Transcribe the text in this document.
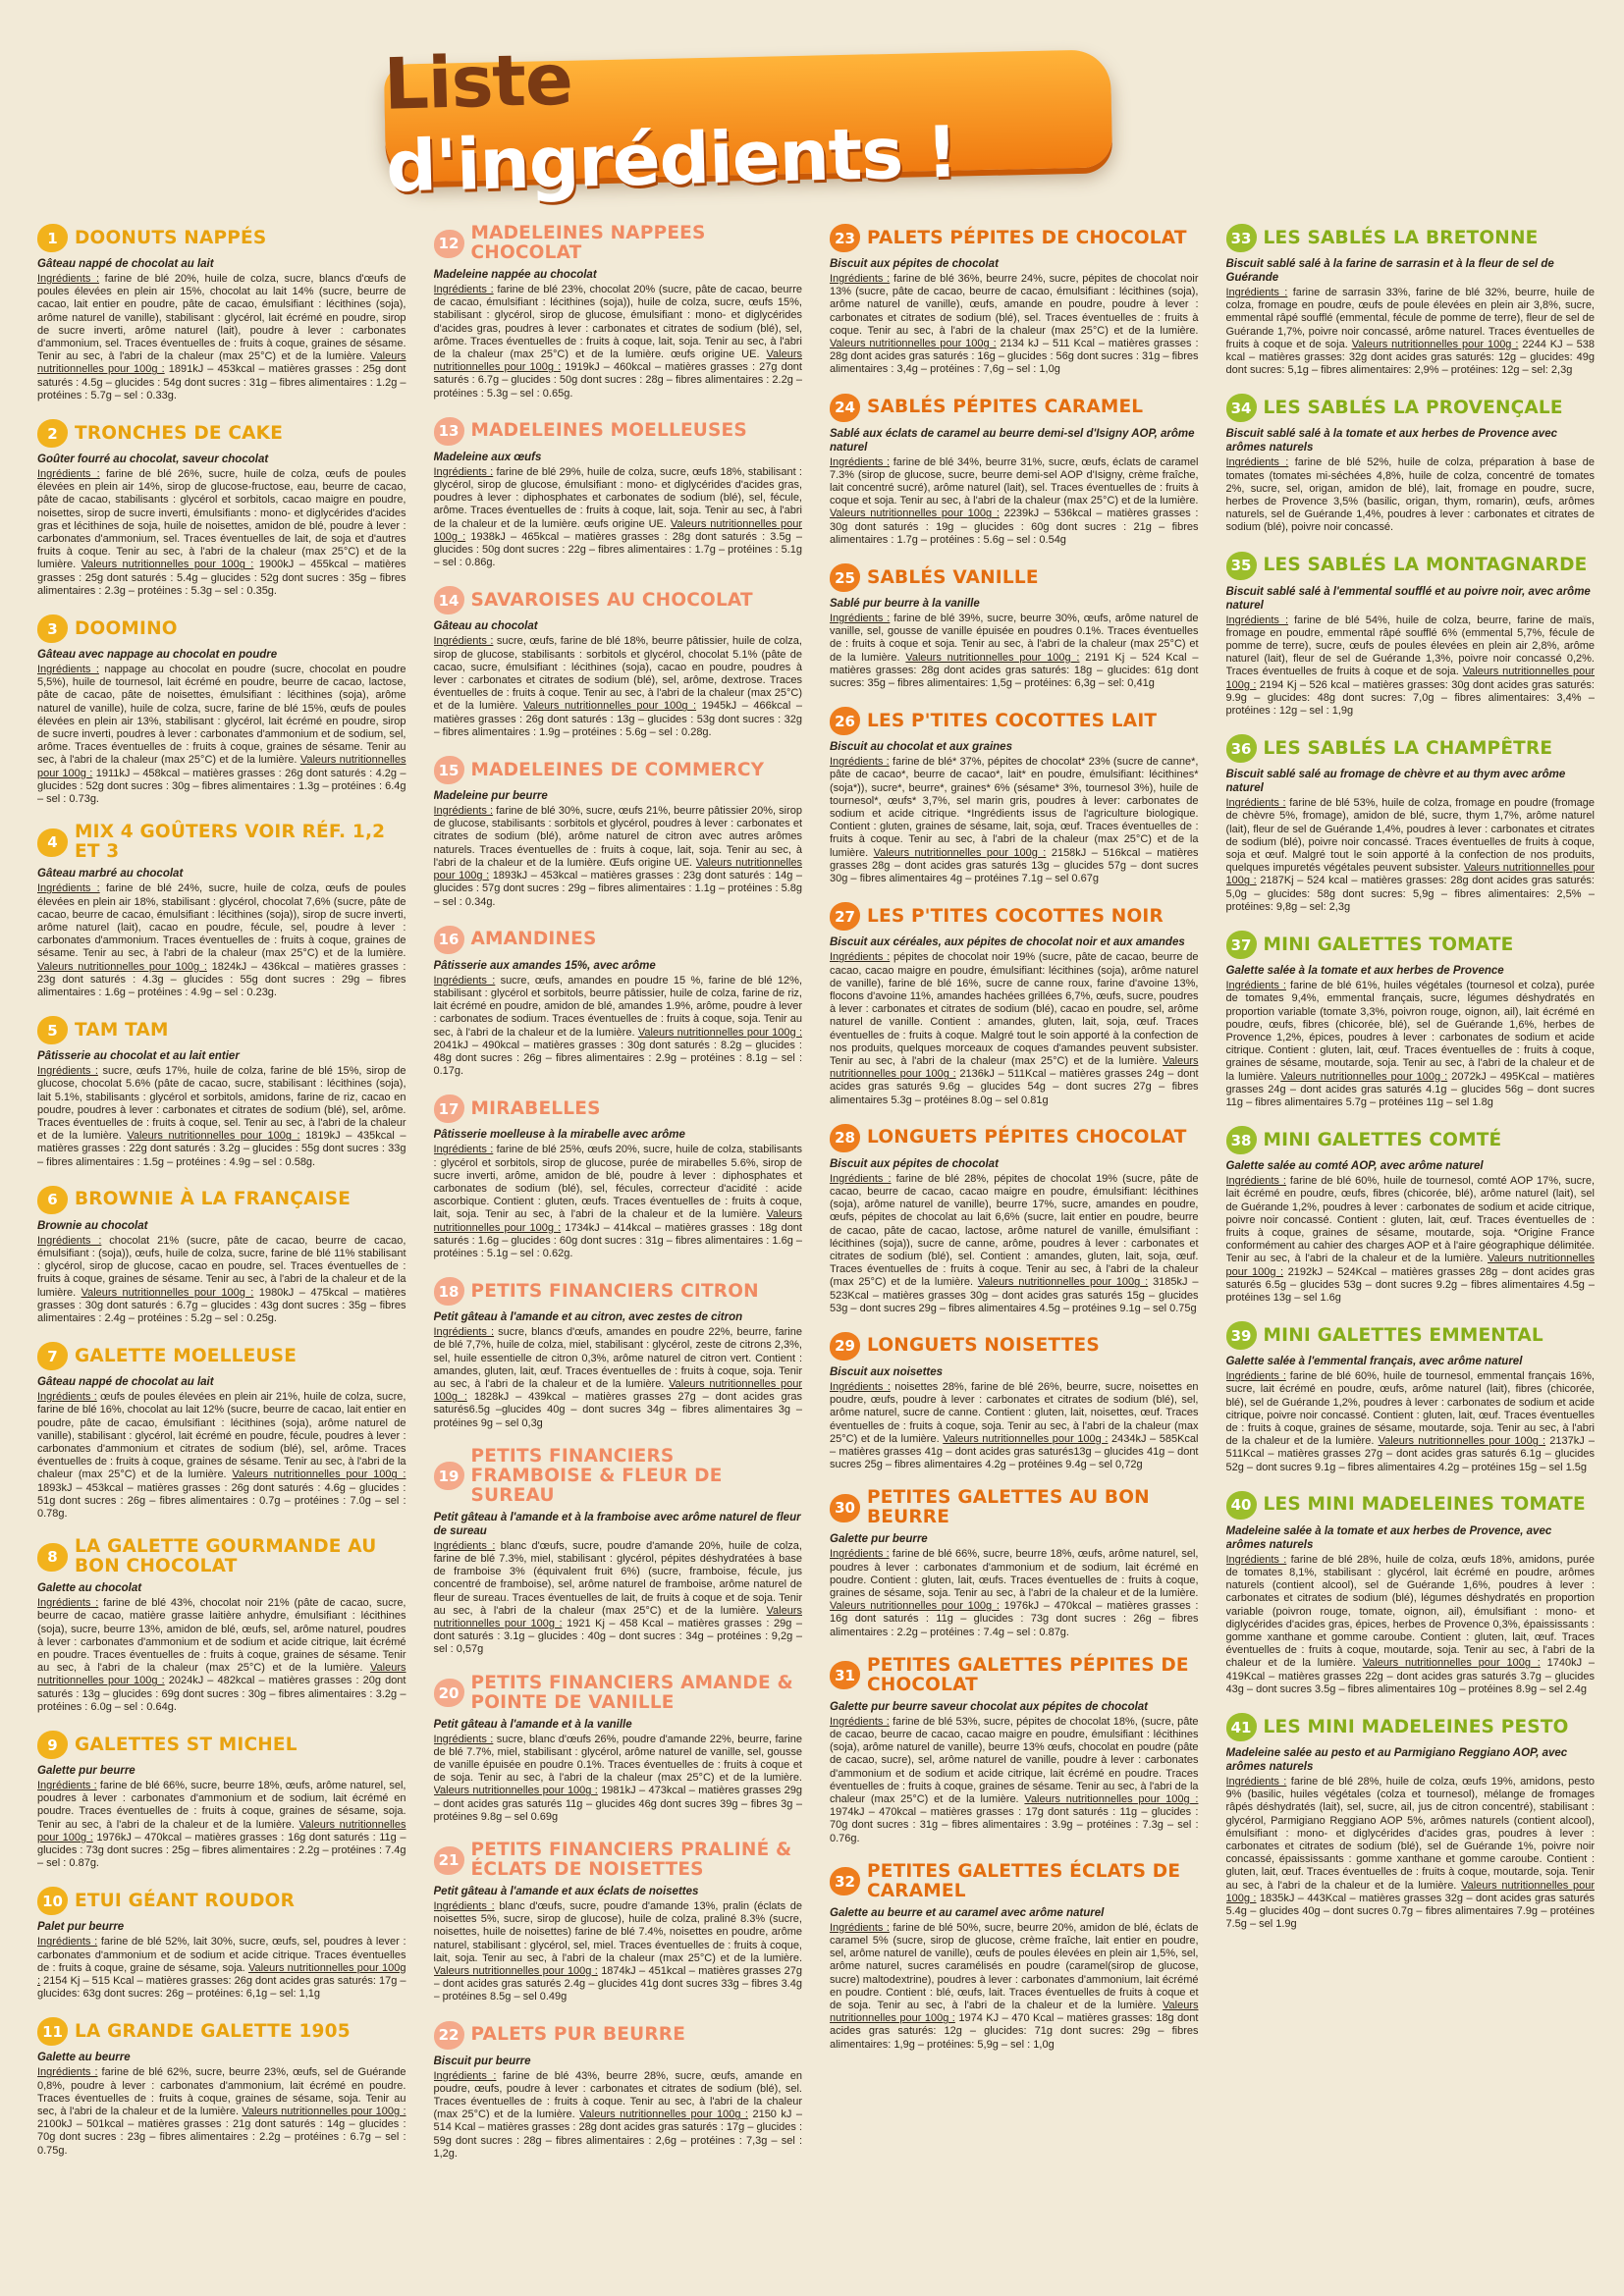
Liste d'ingrédients !
1 DOONUTS NAPPÉS
Gâteau nappé de chocolat au lait
Ingrédients : farine de blé 20%, huile de colza, sucre, blancs d'œufs de poules élevées en plein air 15%, chocolat au lait 14% (sucre, beurre de cacao, lait entier en poudre, pâte de cacao, émulsifiant : lécithines (soja), arôme naturel de vanille), stabilisant : glycérol, lait écrémé en poudre, sirop de sucre inverti, arôme naturel (lait), poudre à lever : carbonates d'ammonium, sel. Traces éventuelles de : fruits à coque, graines de sésame. Tenir au sec, à l'abri de la chaleur (max 25°C) et de la lumière. Valeurs nutritionnelles pour 100g : 1891kJ – 453kcal – matières grasses : 25g dont saturés : 4.5g – glucides : 54g dont sucres : 31g – fibres alimentaires : 1.2g – protéines : 5.7g – sel : 0.33g.
2 TRONCHES DE CAKE
Goûter fourré au chocolat, saveur chocolat
Ingrédients : farine de blé 26%, sucre, huile de colza, œufs de poules élevées en plein air 14%, sirop de glucose-fructose, eau, beurre de cacao, pâte de cacao, stabilisants : glycérol et sorbitols, cacao maigre en poudre, noisettes, sirop de sucre inverti, émulsifiants : mono- et diglycérides d'acides gras et lécithines de soja, huile de noisettes, amidon de blé, poudre à lever : carbonates d'ammonium, sel. Traces éventuelles de lait, de soja et d'autres fruits à coque. Tenir au sec, à l'abri de la chaleur (max 25°C) et de la lumière. Valeurs nutritionnelles pour 100g : 1900kJ – 455kcal – matières grasses : 25g dont saturés : 5.4g – glucides : 52g dont sucres : 35g – fibres alimentaires : 2.3g – protéines : 5.3g – sel : 0.35g.
3 DOOMINO
Gâteau avec nappage au chocolat en poudre
Ingrédients : nappage au chocolat en poudre (sucre, chocolat en poudre 5,5%), huile de tournesol, lait écrémé en poudre, beurre de cacao, lactose, pâte de cacao, pâte de noisettes, émulsifiant : lécithines (soja), arôme naturel de vanille), huile de colza, sucre, farine de blé 15%, œufs de poules élevées en plein air 13%, stabilisant : glycérol, lait écrémé en poudre, sirop de sucre inverti, poudres à lever : carbonates d'ammonium et de sodium, sel, arôme. Traces éventuelles de : fruits à coque, graines de sésame. Tenir au sec, à l'abri de la chaleur (max 25°C) et de la lumière. Valeurs nutritionnelles pour 100g : 1911kJ – 458kcal – matières grasses : 26g dont saturés : 4.2g – glucides : 52g dont sucres : 30g – fibres alimentaires : 1.3g – protéines : 6.4g – sel : 0.73g.
4 MIX 4 GOÛTERS VOIR RÉF. 1,2 ET 3
Gâteau marbré au chocolat
Ingrédients : farine de blé 24%, sucre, huile de colza, œufs de poules élevées en plein air 18%, stabilisant : glycérol, chocolat 7,6% (sucre, pâte de cacao, beurre de cacao, émulsifiant : lécithines (soja)), sirop de sucre inverti, arôme naturel (lait), cacao en poudre, fécule, sel, poudre à lever : carbonates d'ammonium. Traces éventuelles de : fruits à coque, graines de sésame. Tenir au sec, à l'abri de la chaleur (max 25°C) et de la lumière. Valeurs nutritionnelles pour 100g : 1824kJ – 436kcal – matières grasses : 23g dont saturés : 4.3g – glucides : 55g dont sucres : 29g – fibres alimentaires : 1.6g – protéines : 4.9g – sel : 0.23g.
5 TAM TAM
Pâtisserie au chocolat et au lait entier
Ingrédients : sucre, œufs 17%, huile de colza, farine de blé 15%, sirop de glucose, chocolat 5.6% (pâte de cacao, sucre, stabilisant : lécithines (soja), lait 5.1%, stabilisants : glycérol et sorbitols, amidons, farine de riz, cacao en poudre, poudres à lever : carbonates et citrates de sodium (blé), sel, arôme. Traces éventuelles de : fruits à coque, sel. Tenir au sec, à l'abri de la chaleur et de la lumière. Valeurs nutritionnelles pour 100g : 1819kJ – 435kcal – matières grasses : 22g dont saturés : 3.2g – glucides : 55g dont sucres : 33g – fibres alimentaires : 1.5g – protéines : 4.9g – sel : 0.58g.
6 BROWNIE À LA FRANÇAISE
Brownie au chocolat
Ingrédients : chocolat 21% (sucre, pâte de cacao, beurre de cacao, émulsifiant : (soja)), œufs, huile de colza, sucre, farine de blé 11% stabilisant : glycérol, sirop de glucose, cacao en poudre, sel. Traces éventuelles de : fruits à coque, graines de sésame. Tenir au sec, à l'abri de la chaleur et de la lumière. Valeurs nutritionnelles pour 100g : 1980kJ – 475kcal – matières grasses : 30g dont saturés : 6.7g – glucides : 43g dont sucres : 35g – fibres alimentaires : 2.4g – protéines : 5.2g – sel : 0.25g.
7 GALETTE MOELLEUSE
Gâteau nappé de chocolat au lait
Ingrédients : œufs de poules élevées en plein air 21%, huile de colza, sucre, farine de blé 16%, chocolat au lait 12% (sucre, beurre de cacao, lait entier en poudre, pâte de cacao, émulsifiant : lécithines (soja), arôme naturel de vanille), stabilisant : glycérol, lait écrémé en poudre, fécule, poudres à lever : carbonates d'ammonium et citrates de sodium (blé), sel, arôme. Traces éventuelles de : fruits à coque, graines de sésame. Tenir au sec, à l'abri de la chaleur (max 25°C) et de la lumière. Valeurs nutritionnelles pour 100g : 1893kJ – 453kcal – matières grasses : 26g dont saturés : 4.6g – glucides : 51g dont sucres : 26g – fibres alimentaires : 0.7g – protéines : 7.0g – sel : 0.78g.
8 LA GALETTE GOURMANDE AU BON CHOCOLAT
Galette au chocolat
Ingrédients : farine de blé 43%, chocolat noir 21% (pâte de cacao, sucre, beurre de cacao, matière grasse laitière anhydre, émulsifiant : lécithines (soja), sucre, beurre 13%, amidon de blé, œufs, sel, arôme naturel, poudres à lever : carbonates d'ammonium et de sodium et acide citrique, lait écrémé en poudre. Traces éventuelles de : fruits à coque, graines de sésame. Tenir au sec, à l'abri de la chaleur (max 25°C) et de la lumière. Valeurs nutritionnelles pour 100g : 2024kJ – 482kcal – matières grasses : 20g dont saturés : 13g – glucides : 69g dont sucres : 30g – fibres alimentaires : 3.2g – protéines : 6.0g – sel : 0.64g.
9 GALETTES ST MICHEL
Galette pur beurre
Ingrédients : farine de blé 66%, sucre, beurre 18%, œufs, arôme naturel, sel, poudres à lever : carbonates d'ammonium et de sodium, lait écrémé en poudre. Traces éventuelles de : fruits à coque, graines de sésame, soja. Tenir au sec, à l'abri de la chaleur et de la lumière. Valeurs nutritionnelles pour 100g : 1976kJ – 470kcal – matières grasses : 16g dont saturés : 11g – glucides : 73g dont sucres : 25g – fibres alimentaires : 2.2g – protéines : 7.4g – sel : 0.87g.
10 ETUI GÉANT ROUDOR
Palet pur beurre
Ingrédients : farine de blé 52%, lait 30%, sucre, œufs, sel, poudres à lever : carbonates d'ammonium et de sodium et acide citrique. Traces éventuelles de : fruits à coque, graine de sésame, soja. Valeurs nutritionnelles pour 100g : 2154 Kj – 515 Kcal – matières grasses: 26g dont acides gras saturés: 17g – glucides: 63g dont sucres: 26g – protéines: 6,1g – sel: 1,1g
11 LA GRANDE GALETTE 1905
Galette au beurre
Ingrédients : farine de blé 62%, sucre, beurre 23%, œufs, sel de Guérande 0,8%, poudre à lever : carbonates d'ammonium, lait écrémé en poudre. Traces éventuelles de : fruits à coque, graines de sésame, soja. Tenir au sec, à l'abri de la chaleur et de la lumière. Valeurs nutritionnelles pour 100g : 2100kJ – 501kcal – matières grasses : 21g dont saturés : 14g – glucides : 70g dont sucres : 23g – fibres alimentaires : 2.2g – protéines : 6.7g – sel : 0.75g.
12 MADELEINES NAPPÉES CHOCOLAT
Madeleine nappée au chocolat
Ingrédients : farine de blé 23%, chocolat 20% (sucre, pâte de cacao, beurre de cacao, émulsifiant : lécithines (soja)), huile de colza, sucre, œufs 15%, stabilisant : glycérol, sirop de glucose, émulsifiant : mono- et diglycérides d'acides gras, poudres à lever : carbonates et citrates de sodium (blé), sel, arôme. Traces éventuelles de : fruits à coque, lait, soja. Tenir au sec, à l'abri de la chaleur (max 25°C) et de la lumière. œufs origine UE. Valeurs nutritionnelles pour 100g : 1919kJ – 460kcal – matières grasses : 27g dont saturés : 6.7g – glucides : 50g dont sucres : 28g – fibres alimentaires : 2.2g – protéines : 5.3g – sel : 0.65g.
13 MADELEINES MOELLEUSES
Madeleine aux œufs
Ingrédients : farine de blé 29%, huile de colza, sucre, œufs 18%, stabilisant : glycérol, sirop de glucose, émulsifiant : mono- et diglycérides d'acides gras, poudres à lever : diphosphates et carbonates de sodium (blé), sel, fécule, arôme. Traces éventuelles de : fruits à coque, lait, soja. Tenir au sec, à l'abri de la chaleur et de la lumière. œufs origine UE. Valeurs nutritionnelles pour 100g : 1938kJ – 465kcal – matières grasses : 28g dont saturés : 3.5g – glucides : 50g dont sucres : 22g – fibres alimentaires : 1.7g – protéines : 5.1g – sel : 0.86g.
14 SAVAROISES AU CHOCOLAT
Gâteau au chocolat
Ingrédients : sucre, œufs, farine de blé 18%, beurre pâtissier, huile de colza, sirop de glucose, stabilisants : sorbitols et glycérol, chocolat 5.1% (pâte de cacao, sucre, émulsifiant : lécithines (soja), cacao en poudre, poudres à lever : carbonates et citrates de sodium (blé), sel, arôme, dextrose. Traces éventuelles de : fruits à coque. Tenir au sec, à l'abri de la chaleur (max 25°C) et de la lumière. Valeurs nutritionnelles pour 100g : 1945kJ – 466kcal – matières grasses : 26g dont saturés : 13g – glucides : 53g dont sucres : 32g – fibres alimentaires : 1.9g – protéines : 5.6g – sel : 0.28g.
15 MADELEINES DE COMMERCY
Madeleine pur beurre
Ingrédients : farine de blé 30%, sucre, œufs 21%, beurre pâtissier 20%, sirop de glucose, stabilisants : sorbitols et glycérol, poudres à lever : carbonates et citrates de sodium (blé), arôme naturel de citron avec autres arômes naturels. Traces éventuelles de : fruits à coque, lait, soja. Tenir au sec, à l'abri de la chaleur et de la lumière. Œufs origine UE. Valeurs nutritionnelles pour 100g : 1893kJ – 453kcal – matières grasses : 23g dont saturés : 14g – glucides : 57g dont sucres : 29g – fibres alimentaires : 1.1g – protéines : 5.8g – sel : 0.34g.
16 AMANDINES
Pâtisserie aux amandes 15%, avec arôme
Ingrédients : sucre, œufs, amandes en poudre 15 %, farine de blé 12%, stabilisant : glycérol et sorbitols, beurre pâtissier, huile de colza, farine de riz, lait écrémé en poudre, amidon de blé, amandes 1.9%, arôme, poudre à lever : carbonates de sodium. Traces éventuelles de : fruits à coque, soja. Tenir au sec, à l'abri de la chaleur et de la lumière. Valeurs nutritionnelles pour 100g : 2041kJ – 490kcal – matières grasses : 30g dont saturés : 8.2g – glucides : 48g dont sucres : 26g – fibres alimentaires : 2.9g – protéines : 8.1g – sel : 0.17g.
17 MIRABELLES
Pâtisserie moelleuse à la mirabelle avec arôme
Ingrédients : farine de blé 25%, œufs 20%, sucre, huile de colza, stabilisants : glycérol et sorbitols, sirop de glucose, purée de mirabelles 5.6%, sirop de sucre inverti, arôme, amidon de blé, poudre à lever : diphosphates et carbonates de sodium (blé), sel, fécules, correcteur d'acidité : acide ascorbique. Contient : gluten, œufs. Traces éventuelles de : fruits à coque, lait, soja. Tenir au sec, à l'abri de la chaleur et de la lumière. Valeurs nutritionnelles pour 100g : 1734kJ – 414kcal – matières grasses : 18g dont saturés : 1.6g – glucides : 60g dont sucres : 31g – fibres alimentaires : 1.6g – protéines : 5.1g – sel : 0.62g.
18 PETITS FINANCIERS CITRON
Petit gâteau à l'amande et au citron, avec zestes de citron
Ingrédients : sucre, blancs d'œufs, amandes en poudre 22%, beurre, farine de blé 7,7%, huile de colza, miel, stabilisant : glycérol, zeste de citrons 2,3%, sel, huile essentielle de citron 0,3%, arôme naturel de citron vert. Contient : amandes, gluten, lait, œuf. Traces éventuelles de : fruits à coque, soja. Tenir au sec, à l'abri de la chaleur et de la lumière. Valeurs nutritionnelles pour 100g : 1828kJ – 439kcal – matières grasses 27g – dont acides gras saturés6.5g –glucides 40g – dont sucres 34g – fibres alimentaires 3g – protéines 9g – sel 0,3g
19
PETITS FINANCIERS FRAMBOISE & FLEUR DE SUREAU
Petit gâteau à l'amande et à la framboise avec arôme naturel de fleur de sureau
Ingrédients : blanc d'œufs, sucre, poudre d'amande 20%, huile de colza, farine de blé 7.3%, miel, stabilisant : glycérol, pépites déshydratées à base de framboise 3% (équivalent fruit 6%) (sucre, framboise, fécule, jus concentré de framboise), sel, arôme naturel de framboise, arôme naturel de fleur de sureau. Traces éventuelles de lait, de fruits à coque et de soja. Tenir au sec, à l'abri de la chaleur (max 25°C) et de la lumière. Valeurs nutritionnelles pour 100g : 1921 Kj – 458 Kcal – matières grasses : 29g – dont saturés : 3.1g – glucides : 40g – dont sucres : 34g – protéines : 9,2g – sel : 0,57g
20 PETITS FINANCIERS AMANDE & POINTE DE VANILLE
Petit gâteau à l'amande et à la vanille
Ingrédients : sucre, blanc d'œufs 26%, poudre d'amande 22%, beurre, farine de blé 7.7%, miel, stabilisant : glycérol, arôme naturel de vanille, sel, gousse de vanille épuisée en poudre 0.1%. Traces éventuelles de : fruits à coque et de soja. Tenir au sec, à l'abri de la chaleur (max 25°C) et de la lumière. Valeurs nutritionnelles pour 100g : 1981kJ – 473kcal – matières grasses 29g – dont acides gras saturés 11g – glucides 46g dont sucres 39g – fibres 3g – protéines 9.8g – sel 0.69g
21 PETITS FINANCIERS PRALINÉ & ÉCLATS DE NOISETTES
Petit gâteau à l'amande et aux éclats de noisettes
Ingrédients : blanc d'œufs, sucre, poudre d'amande 13%, pralin (éclats de noisettes 5%, sucre, sirop de glucose), huile de colza, praliné 8.3% (sucre, noisettes, huile de noisettes) farine de blé 7.4%, noisettes en poudre, arôme naturel, stabilisant : glycérol, sel, miel. Traces éventuelles de : fruits à coque, lait, soja. Tenir au sec, à l'abri de la chaleur (max 25°C) et de la lumière. Valeurs nutritionnelles pour 100g : 1874kJ – 451kcal – matières grasses 27g – dont acides gras saturés 2.4g – glucides 41g dont sucres 33g – fibres 3.4g – protéines 8.5g – sel 0.49g
22 PALETS PUR BEURRE
Biscuit pur beurre
Ingrédients : farine de blé 43%, beurre 28%, sucre, œufs, amande en poudre, œufs, poudre à lever : carbonates et citrates de sodium (blé), sel. Traces éventuelles de : fruits à coque. Tenir au sec, à l'abri de la chaleur (max 25°C) et de la lumière. Valeurs nutritionnelles pour 100g : 2150 kJ – 514 Kcal – matières grasses : 28g dont acides gras saturés : 17g – glucides : 59g dont sucres : 28g – fibres alimentaires : 2,6g – protéines : 7,3g – sel : 1,2g.
23 PALETS PÉPITES DE CHOCOLAT
Biscuit aux pépites de chocolat
Ingrédients : farine de blé 36%, beurre 24%, sucre, pépites de chocolat noir 13% (sucre, pâte de cacao, beurre de cacao, émulsifiant : lécithines (soja), arôme naturel de vanille), œufs, amande en poudre, poudre à lever : carbonates et citrates de sodium (blé), sel. Traces éventuelles de : fruits à coque. Tenir au sec, à l'abri de la chaleur (max 25°C) et de la lumière. Valeurs nutritionnelles pour 100g : 2134 kJ – 511 Kcal – matières grasses : 28g dont acides gras saturés : 16g – glucides : 56g dont sucres : 31g – fibres alimentaires : 3,4g – protéines : 7,6g – sel : 1,0g
24 SABLÉS PÉPITES CARAMEL
Sablé aux éclats de caramel au beurre demi-sel d'Isigny AOP, arôme naturel
Ingrédients : farine de blé 34%, beurre 31%, sucre, œufs, éclats de caramel 7.3% (sirop de glucose, sucre, beurre demi-sel AOP d'Isigny, crème fraîche, lait concentré sucré), arôme naturel (lait), sel. Traces éventuelles de : fruits à coque et soja. Tenir au sec, à l'abri de la chaleur (max 25°C) et de la lumière. Valeurs nutritionnelles pour 100g : 2239kJ – 536kcal – matières grasses : 30g dont saturés : 19g – glucides : 60g dont sucres : 21g – fibres alimentaires : 1.7g – protéines : 5.6g – sel : 0.54g
25 SABLÉS VANILLE
Sablé pur beurre à la vanille
Ingrédients : farine de blé 39%, sucre, beurre 30%, œufs, arôme naturel de vanille, sel, gousse de vanille épuisée en poudres 0.1%. Traces éventuelles de : fruits à coque et soja. Tenir au sec, à l'abri de la chaleur (max 25°C) et de la lumière. Valeurs nutritionnelles pour 100g : 2191 Kj – 524 Kcal – matières grasses: 28g dont acides gras saturés: 18g – glucides: 61g dont sucres: 35g – fibres alimentaires: 1,5g – protéines: 6,3g – sel: 0,41g
26 LES P'TITES COCOTTES LAIT
Biscuit au chocolat et aux graines
Ingrédients : farine de blé* 37%, pépites de chocolat* 23% (sucre de canne*, pâte de cacao*, beurre de cacao*, lait* en poudre, émulsifiant: lécithines* (soja*)), sucre*, beurre*, graines* 6% (sésame* 3%, tournesol 3%), huile de tournesol*, œufs* 3,7%, sel marin gris, poudres à lever: carbonates de sodium et acide citrique. *Ingrédients issus de l'agriculture biologique. Contient : gluten, graines de sésame, lait, soja, œuf. Traces éventuelles de : fruits à coque. Tenir au sec, à l'abri de la chaleur (max 25°C) et de la lumière. Valeurs nutritionnelles pour 100g : 2158kJ – 516kcal – matières grasses 28g – dont acides gras saturés 13g – glucides 57g – dont sucres 30g – fibres alimentaires 4g – protéines 7.1g – sel 0.67g
27 LES P'TITES COCOTTES NOIR
Biscuit aux céréales, aux pépites de chocolat noir et aux amandes
Ingrédients : pépites de chocolat noir 19% (sucre, pâte de cacao, beurre de cacao, cacao maigre en poudre, émulsifiant: lécithines (soja), arôme naturel de vanille), farine de blé 16%, sucre de canne roux, farine d'avoine 13%, flocons d'avoine 11%, amandes hachées grillées 6,7%, œufs, sucre, poudres à lever : carbonates et citrates de sodium (blé), cacao en poudre, sel, arôme naturel de vanille. Contient : amandes, gluten, lait, soja, œuf. Traces éventuelles de : fruits à coque. Malgré tout le soin apporté à la confection de nos produits, quelques morceaux de coques d'amandes peuvent subsister. Tenir au sec, à l'abri de la chaleur (max 25°C) et de la lumière. Valeurs nutritionnelles pour 100g : 2136kJ – 511Kcal – matières grasses 24g – dont acides gras saturés 9.6g – glucides 54g – dont sucres 27g – fibres alimentaires 5.3g – protéines 8.0g – sel 0.81g
28 LONGUETS PÉPITES CHOCOLAT
Biscuit aux pépites de chocolat
Ingrédients : farine de blé 28%, pépites de chocolat 19% (sucre, pâte de cacao, beurre de cacao, cacao maigre en poudre, émulsifiant: lécithines (soja), arôme naturel de vanille), beurre 17%, sucre, amandes en poudre, œufs, pépites de chocolat au lait 6,6% (sucre, lait entier en poudre, beurre de cacao, pâte de cacao, lactose, arôme naturel de vanille, émulsifiant : lécithines (soja)), sucre de canne, arôme, poudres à lever : carbonates et citrates de sodium (blé), sel. Contient : amandes, gluten, lait, soja, œuf. Traces éventuelles de : fruits à coque. Tenir au sec, à l'abri de la chaleur (max 25°C) et de la lumière. Valeurs nutritionnelles pour 100g : 3185kJ – 523Kcal – matières grasses 30g – dont acides gras saturés 15g – glucides 53g – dont sucres 29g – fibres alimentaires 4.5g – protéines 9.1g – sel 0.75g
29 LONGUETS NOISETTES
Biscuit aux noisettes
Ingrédients : noisettes 28%, farine de blé 26%, beurre, sucre, noisettes en poudre, œufs, poudre à lever : carbonates et citrates de sodium (blé), sel, arôme naturel, sucre de canne. Contient : gluten, lait, noisettes, œuf. Traces éventuelles de : fruits à coque, soja. Tenir au sec, à l'abri de la chaleur (max 25°C) et de la lumière. Valeurs nutritionnelles pour 100g : 2434kJ – 585Kcal – matières grasses 41g – dont acides gras saturés13g – glucides 41g – dont sucres 25g – fibres alimentaires 4.2g – protéines 9.4g – sel 0,72g
30 PETITES GALETTES AU BON BEURRE
Galette pur beurre
Ingrédients : farine de blé 66%, sucre, beurre 18%, œufs, arôme naturel, sel, poudres à lever : carbonates d'ammonium et de sodium, lait écrémé en poudre. Contient : gluten, lait, œufs. Traces éventuelles de : fruits à coque, graines de sésame, soja. Tenir au sec, à l'abri de la chaleur et de la lumière. Valeurs nutritionnelles pour 100g : 1976kJ – 470kcal – matières grasses : 16g dont saturés : 11g – glucides : 73g dont sucres : 26g – fibres alimentaires : 2.2g – protéines : 7.4g – sel : 0.87g.
31 PETITES GALETTES PÉPITES DE CHOCOLAT
Galette pur beurre saveur chocolat aux pépites de chocolat
Ingrédients : farine de blé 53%, sucre, pépites de chocolat 18%, (sucre, pâte de cacao, beurre de cacao, cacao maigre en poudre, émulsifiant : lécithines (soja), arôme naturel de vanille), beurre 13% œufs, chocolat en poudre (pâte de cacao, sucre), sel, arôme naturel de vanille, poudre à lever : carbonates d'ammonium et de sodium et acide citrique, lait écrémé en poudre. Traces éventuelles de : fruits à coque, graines de sésame. Tenir au sec, à l'abri de la chaleur (max 25°C) et de la lumière. Valeurs nutritionnelles pour 100g : 1974kJ – 470kcal – matières grasses : 17g dont saturés : 11g – glucides : 70g dont sucres : 31g – fibres alimentaires : 3.9g – protéines : 7.3g – sel : 0.76g.
32 PETITES GALETTES ÉCLATS DE CARAMEL
Galette au beurre et au caramel avec arôme naturel
Ingrédients : farine de blé 50%, sucre, beurre 20%, amidon de blé, éclats de caramel 5% (sucre, sirop de glucose, crème fraîche, lait entier en poudre, sel, arôme naturel de vanille), œufs de poules élevées en plein air 1,5%, sel, arôme naturel, sucres caramélisés en poudre (caramel(sirop de glucose, sucre) maltodextrine), poudres à lever : carbonates d'ammonium, lait écrémé en poudre. Contient : blé, œufs, lait. Traces éventuelles de fruits à coque et de soja. Tenir au sec, à l'abri de la chaleur et de la lumière. Valeurs nutritionnelles pour 100g : 1974 KJ – 470 Kcal – matières grasses: 18g dont acides gras saturés: 12g – glucides: 71g dont sucres: 29g – fibres alimentaires: 1,9g – protéines: 5,9g – sel : 1,0g
33 LES SABLÉS LA BRETONNE
Biscuit sablé salé à la farine de sarrasin et à la fleur de sel de Guérande
Ingrédients : farine de sarrasin 33%, farine de blé 32%, beurre, huile de colza, fromage en poudre, œufs de poule élevées en plein air 3,8%, sucre, emmental râpé soufflé (emmental, fécule de pomme de terre), fleur de sel de Guérande 1,7%, poivre noir concassé, arôme naturel. Traces éventuelles de fruits à coque et de soja. Valeurs nutritionnelles pour 100g : 2244 KJ – 538 kcal – matières grasses: 32g dont acides gras saturés: 12g – glucides: 49g dont sucres: 5,1g – fibres alimentaires: 2,9% – protéines: 12g – sel: 2,3g
34 LES SABLÉS LA PROVENÇALE
Biscuit sablé salé à la tomate et aux herbes de Provence avec arômes naturels
Ingrédients : farine de blé 52%, huile de colza, préparation à base de tomates (tomates mi-séchées 4,8%, huile de colza, concentré de tomates 2%, sucre, sel, origan, amidon de blé), lait, fromage en poudre, sucre, herbes de Provence 3,5% (basilic, origan, thym, romarin), œufs, arômes naturels, sel de Guérande 1,4%, poudres à lever : carbonates et citrates de sodium (blé), poivre noir concassé.
35 LES SABLÉS LA MONTAGNARDE
Biscuit sablé salé à l'emmental soufflé et au poivre noir, avec arôme naturel
Ingrédients : farine de blé 54%, huile de colza, beurre, farine de maïs, fromage en poudre, emmental râpé soufflé 6% (emmental 5,7%, fécule de pomme de terre), sucre, œufs de poules élevées en plein air 2,8%, arôme naturel (lait), fleur de sel de Guérande 1,3%, poivre noir concassé 0,2%. Traces éventuelles de fruits à coque et de soja. Valeurs nutritionnelles pour 100g : 2194 Kj – 526 kcal – matières grasses: 30g dont acides gras saturés: 9.9g – glucides: 48g dont sucres: 7,0g – fibres alimentaires: 3,4% – protéines : 12g – sel : 1,9g
36 LES SABLÉS LA CHAMPÊTRE
Biscuit sablé salé au fromage de chèvre et au thym avec arôme naturel
Ingrédients : farine de blé 53%, huile de colza, fromage en poudre (fromage de chèvre 5%, fromage), amidon de blé, sucre, thym 1,7%, arôme naturel (lait), fleur de sel de Guérande 1,4%, poudres à lever : carbonates et citrates de sodium (blé), poivre noir concassé. Traces éventuelles de fruits à coque, soja et œuf. Malgré tout le soin apporté à la confection de nos produits, quelques impuretés végétales peuvent subsister. Valeurs nutritionnelles pour 100g : 2187Kj – 524 kcal – matières grasses: 28g dont acides gras saturés: 5,0g – glucides: 58g dont sucres: 5,9g – fibres alimentaires: 2,5% – protéines: 9,8g – sel: 2,3g
37 MINI GALETTES TOMATE
Galette salée à la tomate et aux herbes de Provence
Ingrédients : farine de blé 61%, huiles végétales (tournesol et colza), purée de tomates 9,4%, emmental français, sucre, légumes déshydratés en proportion variable (tomate 3,3%, poivron rouge, oignon, ail), lait écrémé en poudre, œufs, fibres (chicorée, blé), sel de Guérande 1,6%, herbes de Provence 1,2%, épices, poudres à lever : carbonates de sodium et acide citrique. Contient : gluten, lait, œuf. Traces éventuelles de : fruits à coque, graines de sésame, moutarde, soja. Tenir au sec, à l'abri de la chaleur et de la lumière. Valeurs nutritionnelles pour 100g : 2072kJ – 495Kcal – matières grasses 24g – dont acides gras saturés 4.1g – glucides 56g – dont sucres 11g – fibres alimentaires 5.7g – protéines 11g – sel 1.8g
38 MINI GALETTES COMTÉ
Galette salée au comté AOP, avec arôme naturel
Ingrédients : farine de blé 60%, huile de tournesol, comté AOP 17%, sucre, lait écrémé en poudre, œufs, fibres (chicorée, blé), arôme naturel (lait), sel de Guérande 1,2%, poudres à lever : carbonates de sodium et acide citrique, poivre noir concassé. Contient : gluten, lait, œuf. Traces éventuelles de : fruits à coque, graines de sésame, moutarde, soja. *Origine France conformément au cahier des charges AOP et à l'aire géographique délimitée. Tenir au sec, à l'abri de la chaleur et de la lumière. Valeurs nutritionnelles pour 100g : 2192kJ – 524Kcal – matières grasses 28g – dont acides gras saturés 6.5g – glucides 53g – dont sucres 9.2g – fibres alimentaires 4.5g – protéines 13g – sel 1.6g
39 MINI GALETTES EMMENTAL
Galette salée à l'emmental français, avec arôme naturel
Ingrédients : farine de blé 60%, huile de tournesol, emmental français 16%, sucre, lait écrémé en poudre, œufs, arôme naturel (lait), fibres (chicorée, blé), sel de Guérande 1,2%, poudres à lever : carbonates de sodium et acide citrique, poivre noir concassé. Contient : gluten, lait, œuf. Traces éventuelles de : fruits à coque, graines de sésame, moutarde, soja. Tenir au sec, à l'abri de la chaleur et de la lumière. Valeurs nutritionnelles pour 100g : 2137kJ – 511Kcal – matières grasses 27g – dont acides gras saturés 6.1g – glucides 52g – dont sucres 9.1g – fibres alimentaires 4.2g – protéines 15g – sel 1.5g
40 LES MINI MADELEINES TOMATE
Madeleine salée à la tomate et aux herbes de Provence, avec arômes naturels
Ingrédients : farine de blé 28%, huile de colza, œufs 18%, amidons, purée de tomates 8,1%, stabilisant : glycérol, lait écrémé en poudre, arômes naturels (contient alcool), sel de Guérande 1,6%, poudres à lever : carbonates et citrates de sodium (blé), légumes déshydratés en proportion variable (poivron rouge, tomate, oignon, ail), émulsifiant : mono- et diglycérides d'acides gras, épices, herbes de Provence 0,3%, épaississants : gomme xanthane et gomme caroube. Contient : gluten, lait, œuf. Traces éventuelles de : fruits à coque, moutarde, soja. Tenir au sec, à l'abri de la chaleur et de la lumière. Valeurs nutritionnelles pour 100g : 1740kJ – 419Kcal – matières grasses 22g – dont acides gras saturés 3.7g – glucides 43g – dont sucres 3.5g – fibres alimentaires 10g – protéines 8.9g – sel 2.4g
41 LES MINI MADELEINES PESTO
Madeleine salée au pesto et au Parmigiano Reggiano AOP, avec arômes naturels
Ingrédients : farine de blé 28%, huile de colza, œufs 19%, amidons, pesto 9% (basilic, huiles végétales (colza et tournesol), mélange de fromages râpés déshydratés (lait), sel, sucre, ail, jus de citron concentré), stabilisant : glycérol, Parmigiano Reggiano AOP 5%, arômes naturels (contient alcool), émulsifiant : mono- et diglycérides d'acides gras, poudres à lever : carbonates et citrates de sodium (blé), sel de Guérande 1%, poivre noir concassé, épaississants : gomme xanthane et gomme caroube. Contient : gluten, lait, œuf. Traces éventuelles de : fruits à coque, moutarde, soja. Tenir au sec, à l'abri de la chaleur et de la lumière. Valeurs nutritionnelles pour 100g : 1835kJ – 443Kcal – matières grasses 32g – dont acides gras saturés 5.4g – glucides 40g – dont sucres 0.7g – fibres alimentaires 7.9g – protéines 7.5g – sel 1.9g
